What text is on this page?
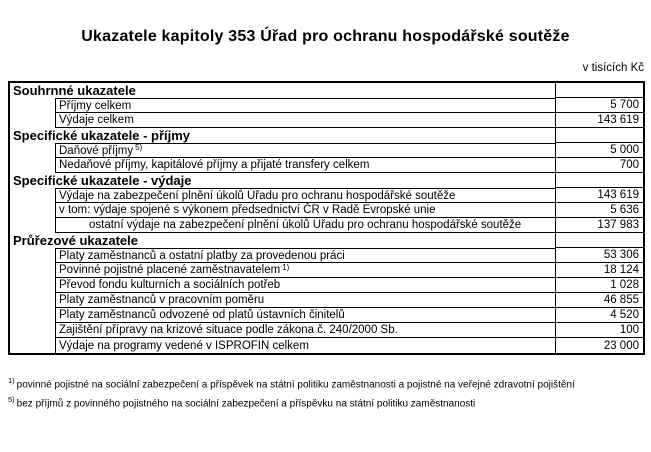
Ukazatele kapitoly 353 Úřad pro ochranu hospodářské soutěže
v tisících Kč
Souhrnné ukazatele
Příjmy celkem	5 700
Výdaje celkem	143 619
Specifické ukazatele - příjmy
Daňové příjmy $^{5)}$	5 000
Nedaňové příjmy, kapitálové příjmy a přijaté transfery celkem	700
Specifické ukazatele - výdaje
Výdaje na zabezpečení plnění úkolů Úřadu pro ochranu hospodářské soutěže	143 619
v tom: výdaje spojené s výkonem předsednictví ČR v Radě Evropské unie	5 636
ostatní výdaje na zabezpečení plnění úkolů Úřadu pro ochranu hospodářské soutěže	137 983
Průřezové ukazatele
Platy zaměstnanců a ostatní platby za provedenou práci	53 306
Povinné pojistné placené zaměstnavatelem $^{1)}$	18 124
Převod fondu kulturních a sociálních potřeb	1 028
Platy zaměstnanců v pracovním poměru	46 855
Platy zaměstnanců odvozené od platů ústavních činitelů	4 520
Zajištění přípravy na krizové situace podle zákona č. 240/2000 Sb.	100
Výdaje na programy vedené v ISPROFIN celkem	23 000
$^{1)}$ povinné pojistné na sociální zabezpečení a příspěvek na státní politiku zaměstnanosti a pojistné na veřejné zdravotní pojištění
$^{5)}$ bez příjmů z povinného pojistného na sociální zabezpečení a příspěvku na státní politiku zaměstnanosti
